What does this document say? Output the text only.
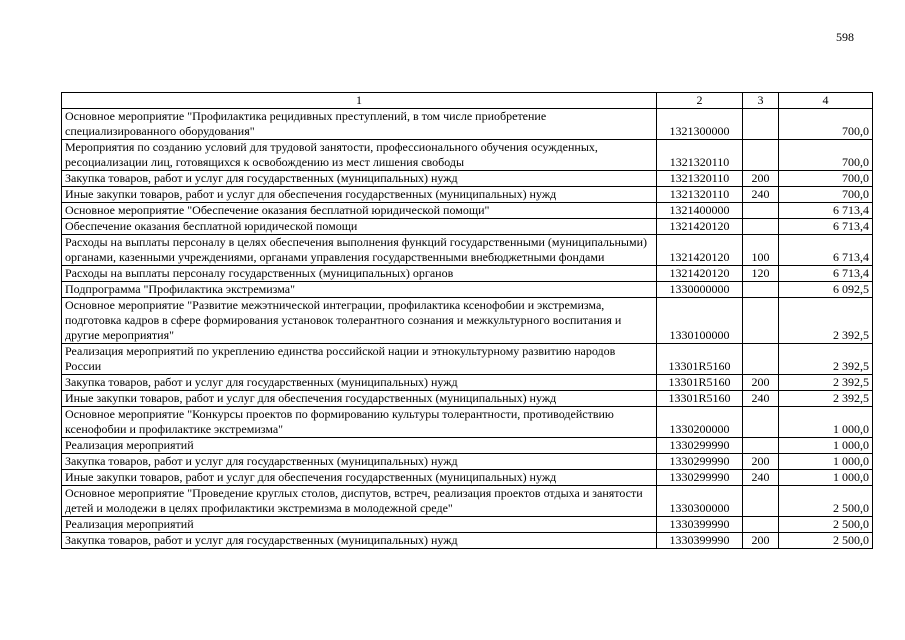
598
1	2	3	4
Основное мероприятие "Профилактика рецидивных преступлений, в том числе приобретение специализированного оборудования"	1321300000		700,0
Мероприятия по созданию условий для трудовой занятости, профессионального обучения осужденных, ресоциализации лиц, готовящихся к освобождению из мест лишения свободы	1321320110		700,0
Закупка товаров, работ и услуг для государственных (муниципальных) нужд	1321320110	200	700,0
Иные закупки товаров, работ и услуг для обеспечения государственных (муниципальных) нужд	1321320110	240	700,0
Основное мероприятие "Обеспечение оказания бесплатной юридической помощи"	1321400000		6 713,4
Обеспечение оказания бесплатной юридической помощи	1321420120		6 713,4
Расходы на выплаты персоналу в целях обеспечения выполнения функций государственными (муниципальными) органами, казенными учреждениями, органами управления государственными внебюджетными фондами	1321420120	100	6 713,4
Расходы на выплаты персоналу государственных (муниципальных) органов	1321420120	120	6 713,4
Подпрограмма "Профилактика экстремизма"	1330000000		6 092,5
Основное мероприятие "Развитие межэтнической интеграции, профилактика ксенофобии и экстремизма, подготовка кадров в сфере формирования установок толерантного сознания и межкультурного воспитания и другие мероприятия"	1330100000		2 392,5
Реализация мероприятий по укреплению единства российской нации и этнокультурному развитию народов России	13301R5160		2 392,5
Закупка товаров, работ и услуг для государственных (муниципальных) нужд	13301R5160	200	2 392,5
Иные закупки товаров, работ и услуг для обеспечения государственных (муниципальных) нужд	13301R5160	240	2 392,5
Основное мероприятие "Конкурсы проектов по формированию культуры толерантности, противодействию ксенофобии и профилактике экстремизма"	1330200000		1 000,0
Реализация мероприятий	1330299990		1 000,0
Закупка товаров, работ и услуг для государственных (муниципальных) нужд	1330299990	200	1 000,0
Иные закупки товаров, работ и услуг для обеспечения государственных (муниципальных) нужд	1330299990	240	1 000,0
Основное мероприятие "Проведение круглых столов, диспутов, встреч, реализация проектов отдыха и занятости детей и молодежи в целях профилактики экстремизма в молодежной среде"	1330300000		2 500,0
Реализация мероприятий	1330399990		2 500,0
Закупка товаров, работ и услуг для государственных (муниципальных) нужд	1330399990	200	2 500,0
